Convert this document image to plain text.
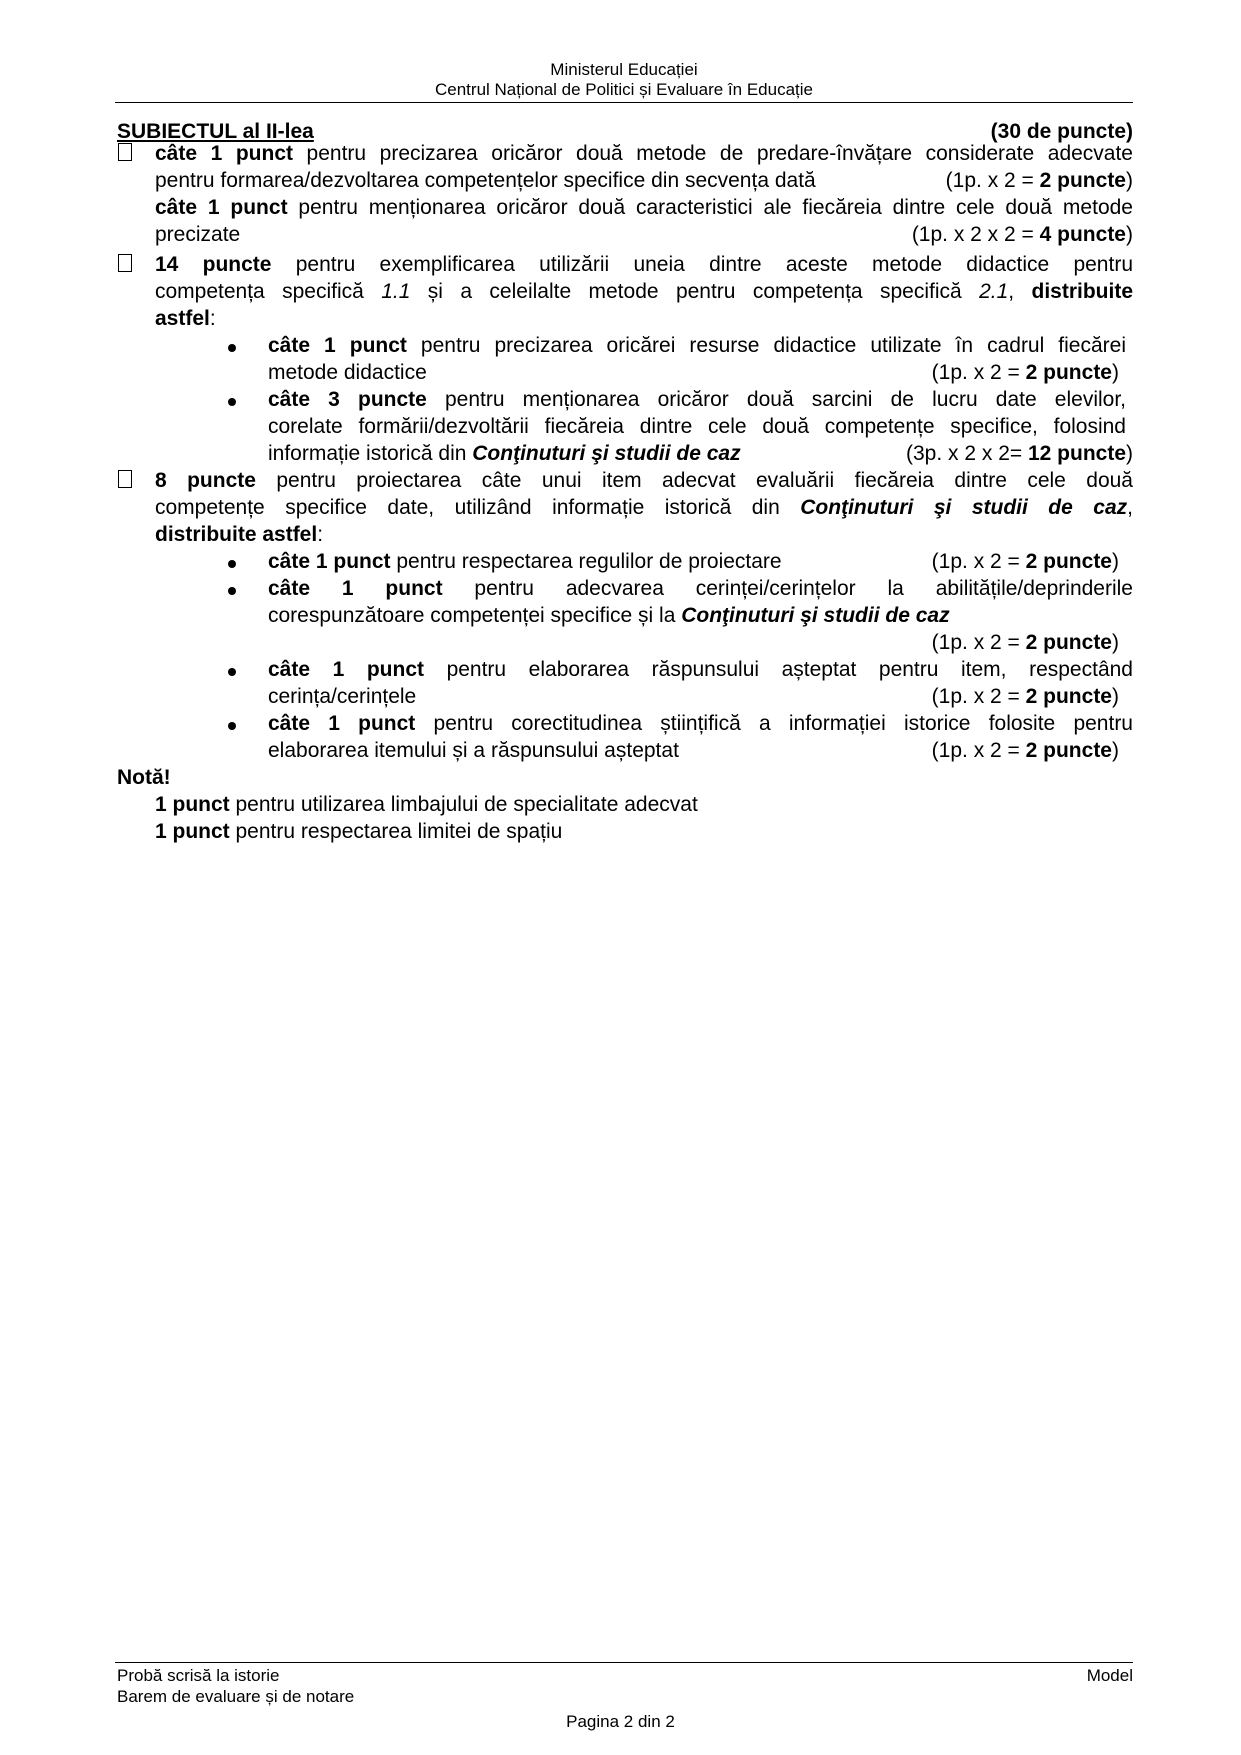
Ministerul Educației
Centrul Național de Politici și Evaluare în Educație
SUBIECTUL al II-lea	(30 de puncte)
câte 1 punct pentru precizarea oricăror două metode de predare-învățare considerate adecvate
pentru formarea/dezvoltarea competențelor specifice din secvența dată	(1p. x 2 = 2 puncte)
câte 1 punct pentru menționarea oricăror două caracteristici ale fiecăreia dintre cele două metode
precizate	(1p. x 2 x 2 = 4 puncte)
14 puncte pentru exemplificarea utilizării uneia dintre aceste metode didactice pentru
competența specifică 1.1 și a celeilalte metode pentru competența specifică 2.1, distribuite
astfel:
câte 1 punct pentru precizarea oricărei resurse didactice utilizate în cadrul fiecărei
metode didactice	(1p. x 2 = 2 puncte)
câte 3 puncte pentru menționarea oricăror două sarcini de lucru date elevilor,
corelate formării/dezvoltării fiecăreia dintre cele două competențe specifice, folosind
informație istorică din Conţinuturi şi studii de caz	(3p. x 2 x 2= 12 puncte)
8 puncte pentru proiectarea câte unui item adecvat evaluării fiecăreia dintre cele două
competențe specifice date, utilizând informație istorică din Conţinuturi şi studii de caz,
distribuite astfel:
câte 1 punct pentru respectarea regulilor de proiectare	(1p. x 2 = 2 puncte)
câte 1 punct pentru adecvarea cerinței/cerințelor la abilitățile/deprinderile
corespunzătoare competenței specifice și la Conţinuturi şi studii de caz
(1p. x 2 = 2 puncte)
câte 1 punct pentru elaborarea răspunsului așteptat pentru item, respectând
cerința/cerințele	(1p. x 2 = 2 puncte)
câte 1 punct pentru corectitudinea științifică a informației istorice folosite pentru
elaborarea itemului și a răspunsului așteptat	(1p. x 2 = 2 puncte)
Notă!
1 punct pentru utilizarea limbajului de specialitate adecvat
1 punct pentru respectarea limitei de spațiu
Probă scrisă la istorie
Barem de evaluare și de notare
Model
Pagina 2 din 2
